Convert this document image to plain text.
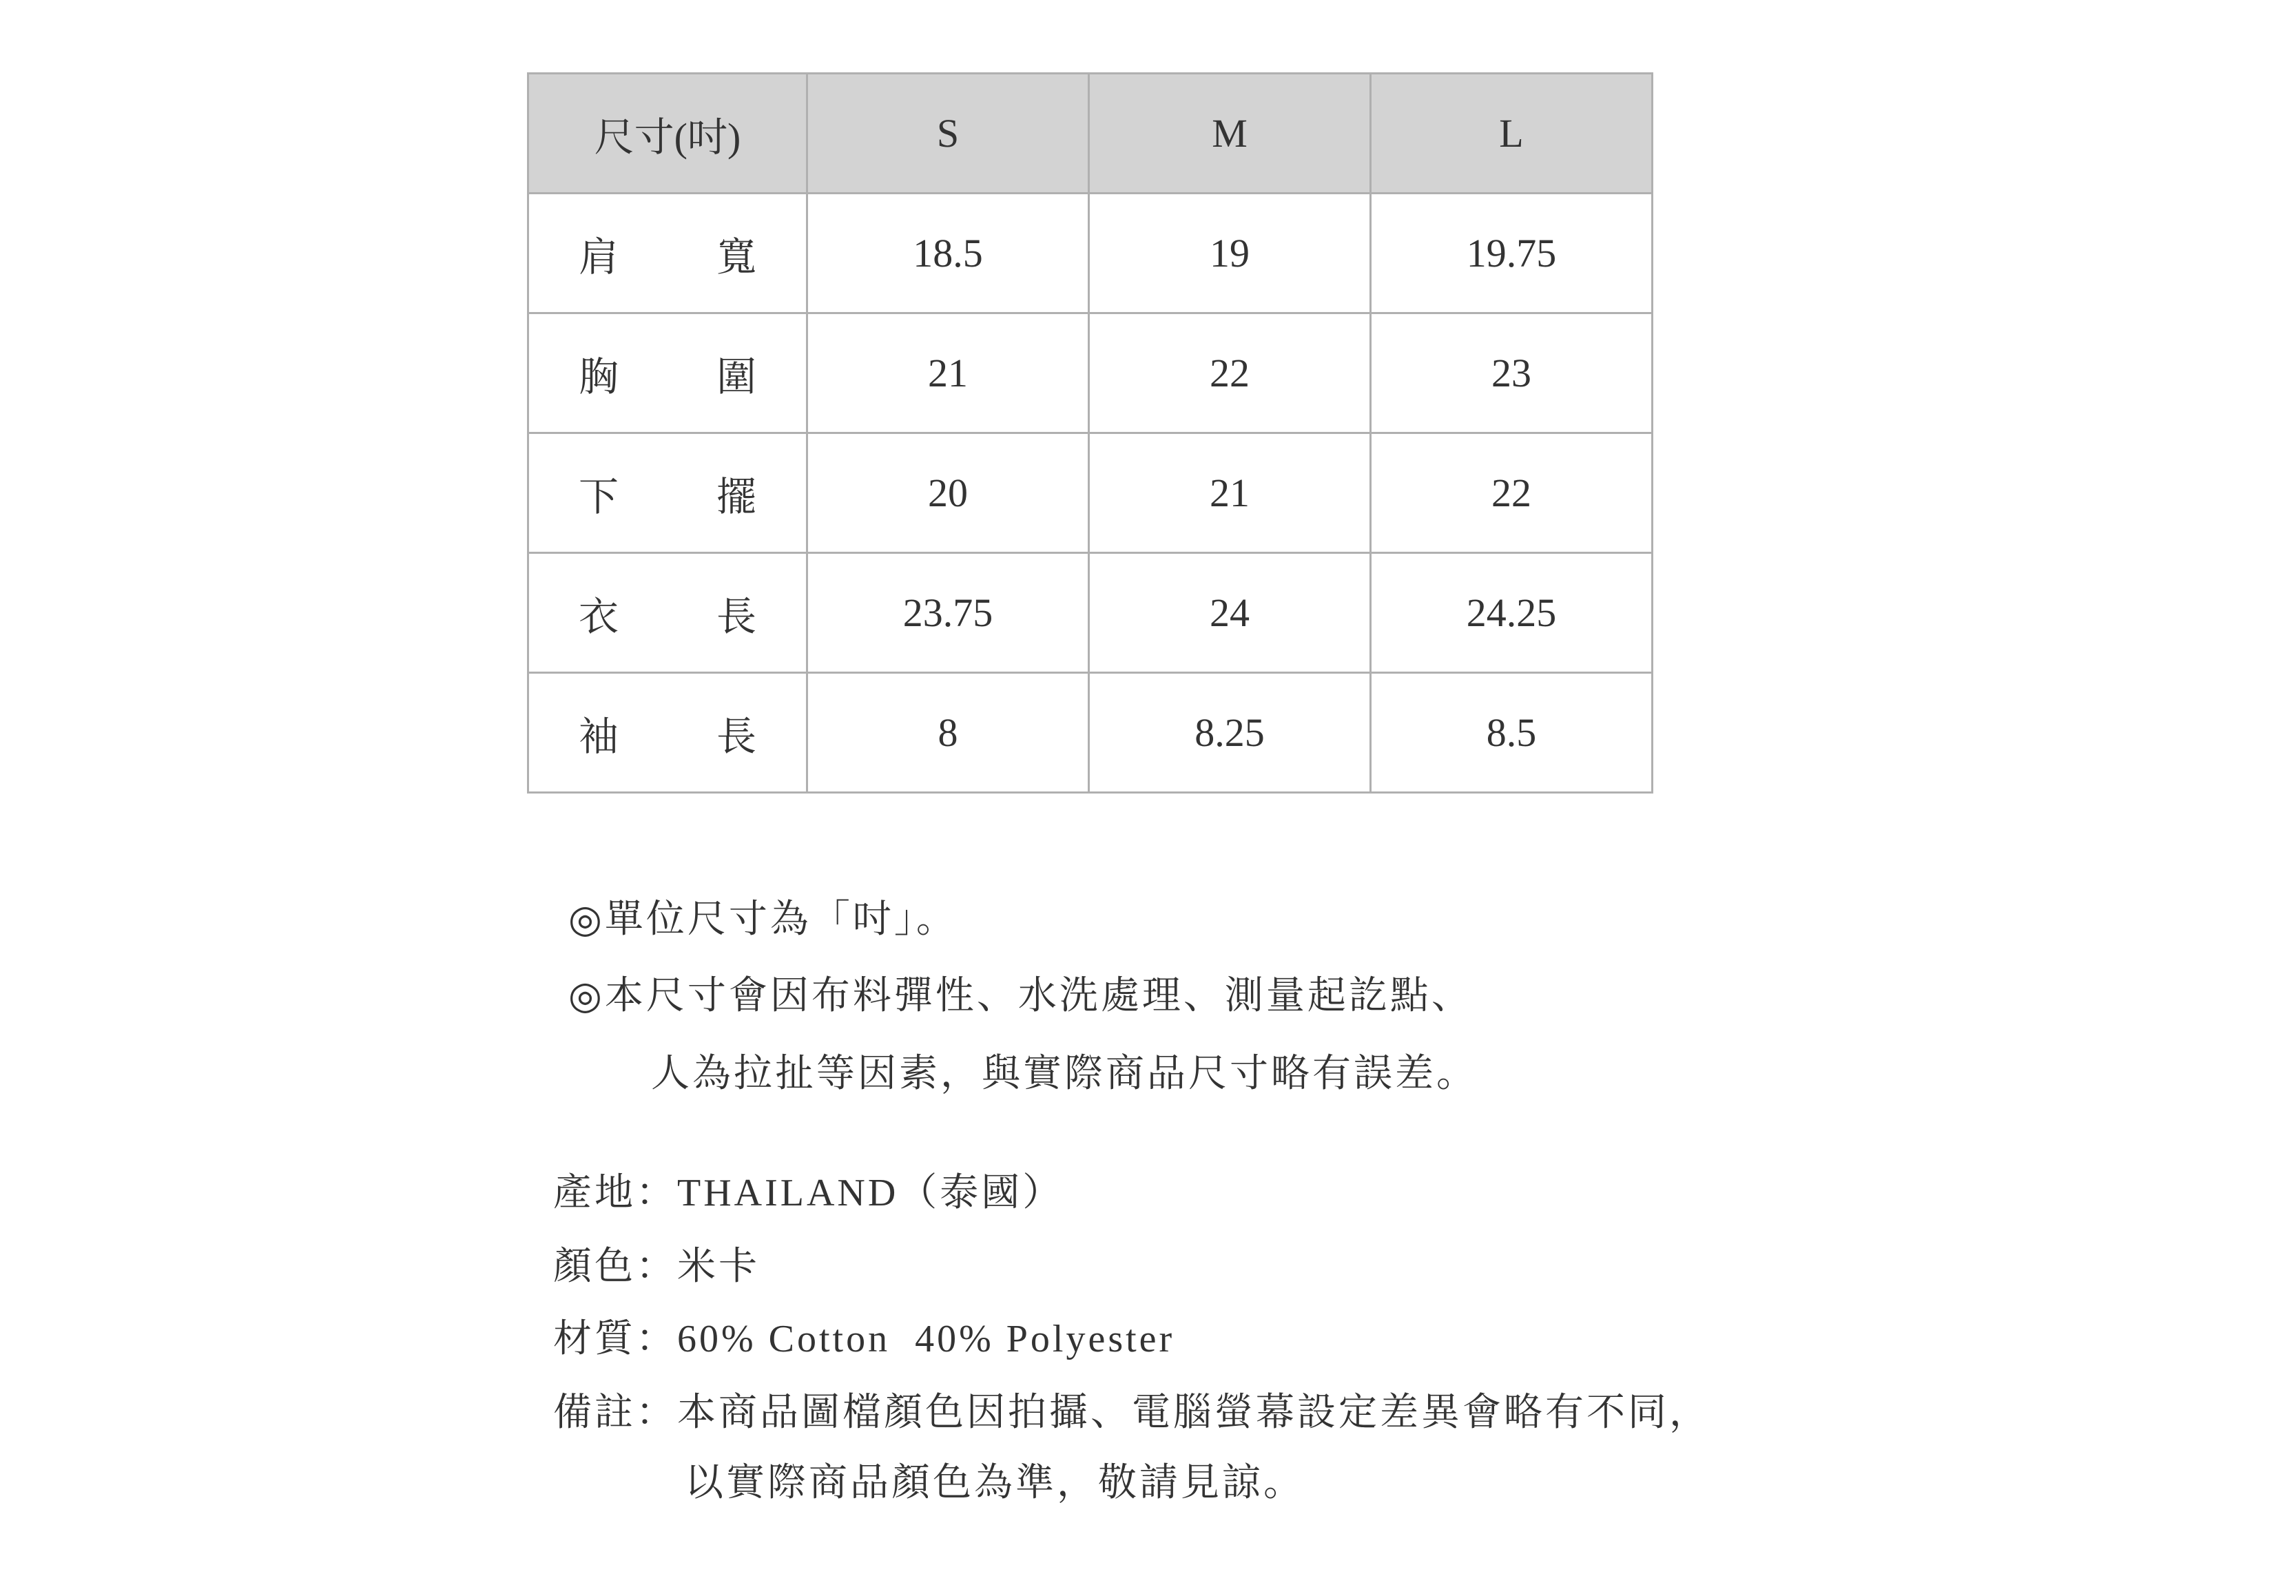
尺寸(吋)	S	M	L

肩 寬	18.5	19	19.75

胸 圍	21	22	23

下 擺	20	21	22

衣 長	23.75	24	24.25

袖 長	8	8.25	8.5
◎單位尺寸為「吋」。
◎本尺寸會因布料彈性、水洗處理、測量起訖點、
人為拉扯等因素，與實際商品尺寸略有誤差。
產地：THAILAND（泰國）
顏色：米卡
材質：60% Cotton  40% Polyester
備註：本商品圖檔顏色因拍攝、電腦螢幕設定差異會略有不同，
以實際商品顏色為準，敬請見諒。
